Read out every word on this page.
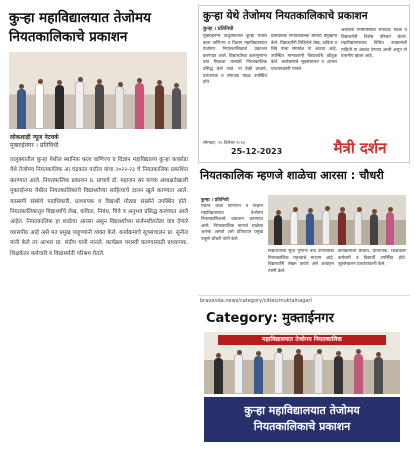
कुऱ्हा महाविद्यालयात तेजोमय नियतकालिकाचे प्रकाशन
लोकशाही न्यूज नेटवर्क
मुक्ताईनगर । प्रतिनिधी
तालुक्यातील कुऱ्हा येथील स्थानिक कला वाणिज्य व विज्ञान महाविद्यालय कुऱ्हा काकोडा येथे तेजोमय नियतकालिक आ.चंद्रकांत पाटील यांचा २०२२-२३ चे नियतकालिक प्रकाशित करण्यात आले. नियतकालिक प्रकाशन प्र. प्राचार्य डॉ. महाजन सर यांच्या अध्यक्षतेखाली मुक्ताईनगर येथील नियतकालिकाचे विद्यार्थ्यांच्या साहित्याचे दालन खुले करण्यात आले. याप्रसंगी संस्थेचे पदाधिकारी, प्राध्यापक व विद्यार्थी मोठ्या संख्येने उपस्थित होते. नियतकालिकातून विद्यार्थ्यांचे लेख, कविता, निबंध, चित्रे व अनुभव प्रसिद्ध करण्यात आले आहेत. नियतकालिक हा शाळेचा आरसा असून विद्यार्थ्यांच्या सर्जनशीलतेला वाव देणारे व्यासपीठ आहे असे मत प्रमुख पाहुण्यांनी व्यक्त केले. कार्यक्रमाचे सूत्रसंचालन प्रा. सुनील यांनी केले तर आभार प्रा. संदीप यांनी मानले. कार्यक्रम यशस्वी करण्यासाठी प्राध्यापक, शिक्षकेतर कर्मचारी व विद्यार्थ्यांनी परिश्रम घेतले.
कुऱ्हा येथे तेजोमय नियतकालिकाचे प्रकाशन
कुऱ्हा । प्रतिनिधी
मुक्ताईनगर तालुक्यातील कुऱ्हा येथील कला वाणिज्य व विज्ञान महाविद्यालयात तेजोमय नियतकालिकाचे प्रकाशन करण्यात आले. विद्यार्थ्यांच्या कलागुणांना वाव मिळावा यासाठी नियतकालिक प्रसिद्ध केले जाते. या वेळी प्राचार्य, प्राध्यापक व संपादक मंडळ उपस्थित होते.
प्रास्ताविक नियतकालिक समिती प्रमुखांनी केले. विद्यार्थ्यांनी लिहिलेले लेख, कविता व चित्रे यांचा समावेश या अंकात आहे. उपस्थित मान्यवरांनी विद्यार्थ्यांचे कौतुक केले. कार्यक्रमाचे सूत्रसंचालन व आभार प्राध्यापकांनी मानले.
अंकाच्या निर्मितीसाठी संपादक मंडळ व विद्यार्थ्यांनी विशेष परिश्रम घेतले. महाविद्यालयाच्या विविध उपक्रमांची माहिती या अंकात देण्यात आली असून तो वाचनीय झाला आहे.
सोमवार, २५ डिसेंबर २०२३
25-12-2023	मैत्री दर्शन
नियतकालिक म्हणजे शाळेचा आरसा : चौधरी
कुऱ्हा । प्रतिनिधी
येथील कला वाणिज्य व विज्ञान महाविद्यालयात तेजोमय नियतकालिकाचे प्रकाशन करण्यात आले. नियतकालिक म्हणजे शाळेचा आरसा असतो असे प्रतिपादन प्रमुख पाहुणे चौधरी यांनी केले.
विद्यार्थ्यांच्या सुप्त गुणांना वाव देण्यासाठी नियतकालिक महत्त्वाचे माध्यम आहे. विद्यार्थ्यांनी लेखन करावे असे आवाहन त्यांनी केले.
कार्यक्रमाला प्राचार्य, प्राध्यापक, शिक्षकेतर कर्मचारी व विद्यार्थी उपस्थित होते. सूत्रसंचालन प्राध्यापकांनी केले.
bravenda.news/category/cities/muktainagar/
Category: मुक्ताईनगर
महाविद्यालयात तेजोमय नियतकालिक
कुऱ्हा महाविद्यालयात तेजोमय
नियतकालिकाचे प्रकाशन
